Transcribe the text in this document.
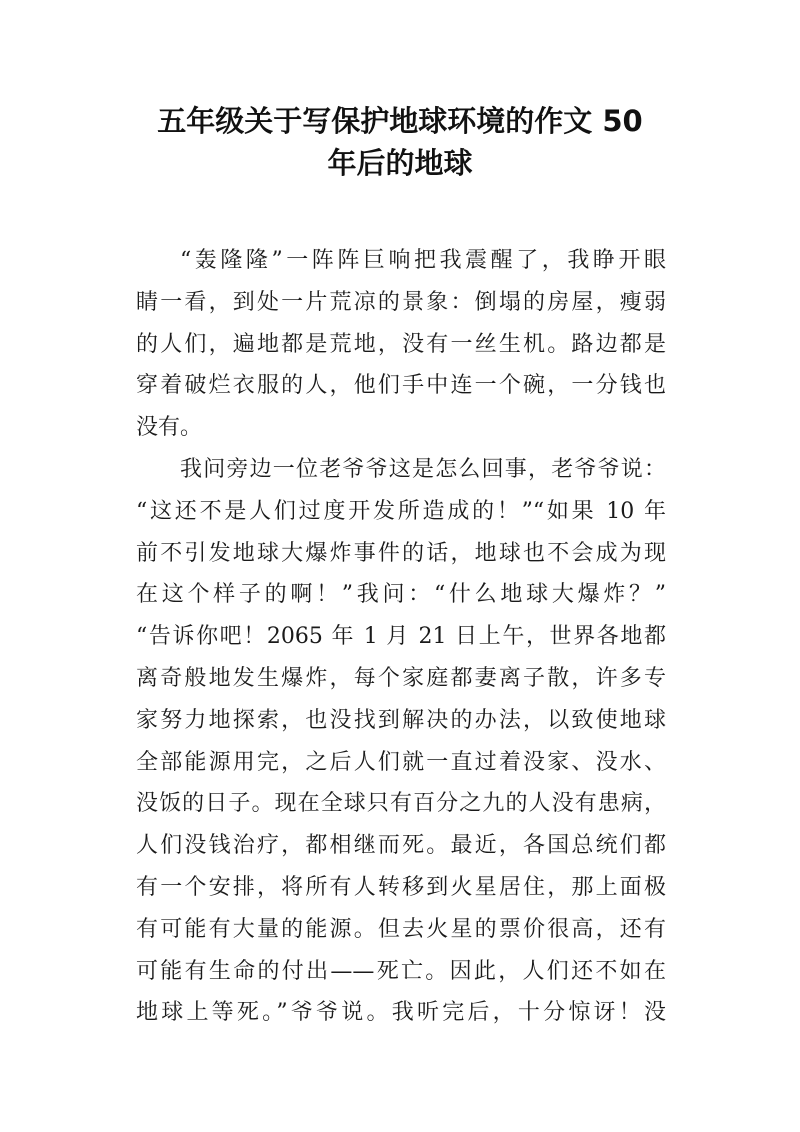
五年级关于写保护地球环境的作文 50
年后的地球
“轰隆隆”一阵阵巨响把我震醒了，我睁开眼
睛一看，到处一片荒凉的景象：倒塌的房屋，瘦弱
的人们，遍地都是荒地，没有一丝生机。路边都是
穿着破烂衣服的人，他们手中连一个碗，一分钱也
没有。
我问旁边一位老爷爷这是怎么回事，老爷爷说：
“这还不是人们过度开发所造成的！”“如果 10 年
前不引发地球大爆炸事件的话，地球也不会成为现
在这个样子的啊！”我问：“什么地球大爆炸？”
“告诉你吧！2065 年 1 月 21 日上午，世界各地都
离奇般地发生爆炸，每个家庭都妻离子散，许多专
家努力地探索，也没找到解决的办法，以致使地球
全部能源用完，之后人们就一直过着没家、没水、
没饭的日子。现在全球只有百分之九的人没有患病，
人们没钱治疗，都相继而死。最近，各国总统们都
有一个安排，将所有人转移到火星居住，那上面极
有可能有大量的能源。但去火星的票价很高，还有
可能有生命的付出——死亡。因此，人们还不如在
地球上等死。”爷爷说。我听完后，十分惊讶！没
